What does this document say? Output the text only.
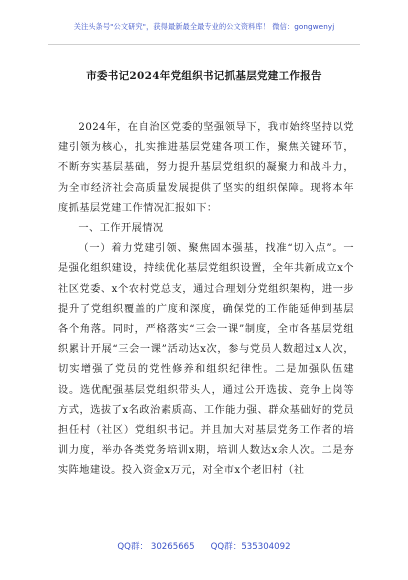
关注头条号"公文研究"，获得最新最全最专业的公文资料库！ 微信：gongwenyj
市委书记2024年党组织书记抓基层党建工作报告

2024年，在自治区党委的坚强领导下，我市始终坚持以党建引领为核心，扎实推进基层党建各项工作，聚焦关键环节，不断夯实基层基础，努力提升基层党组织的凝聚力和战斗力，为全市经济社会高质量发展提供了坚实的组织保障。现将本年度抓基层党建工作情况汇报如下：

一、工作开展情况

（一）着力党建引领、聚焦固本强基，找准“切入点”。一是强化组织建设，持续优化基层党组织设置，全年共新成立x个社区党委、x个农村党总支，通过合理划分党组织架构，进一步提升了党组织覆盖的广度和深度，确保党的工作能延伸到基层各个角落。同时，严格落实“三会一课”制度，全市各基层党组织累计开展“三会一课”活动达x次，参与党员人数超过x人次，切实增强了党员的党性修养和组织纪律性。二是加强队伍建设。选优配强基层党组织带头人，通过公开选拔、竞争上岗等方式，选拔了x名政治素质高、工作能力强、群众基础好的党员担任村（社区）党组织书记。并且加大对基层党务工作者的培训力度，举办各类党务培训x期，培训人数达x余人次。二是夯实阵地建设。投入资金x万元，对全市x个老旧村（社

QQ群： 30265665 QQ群：535304092
